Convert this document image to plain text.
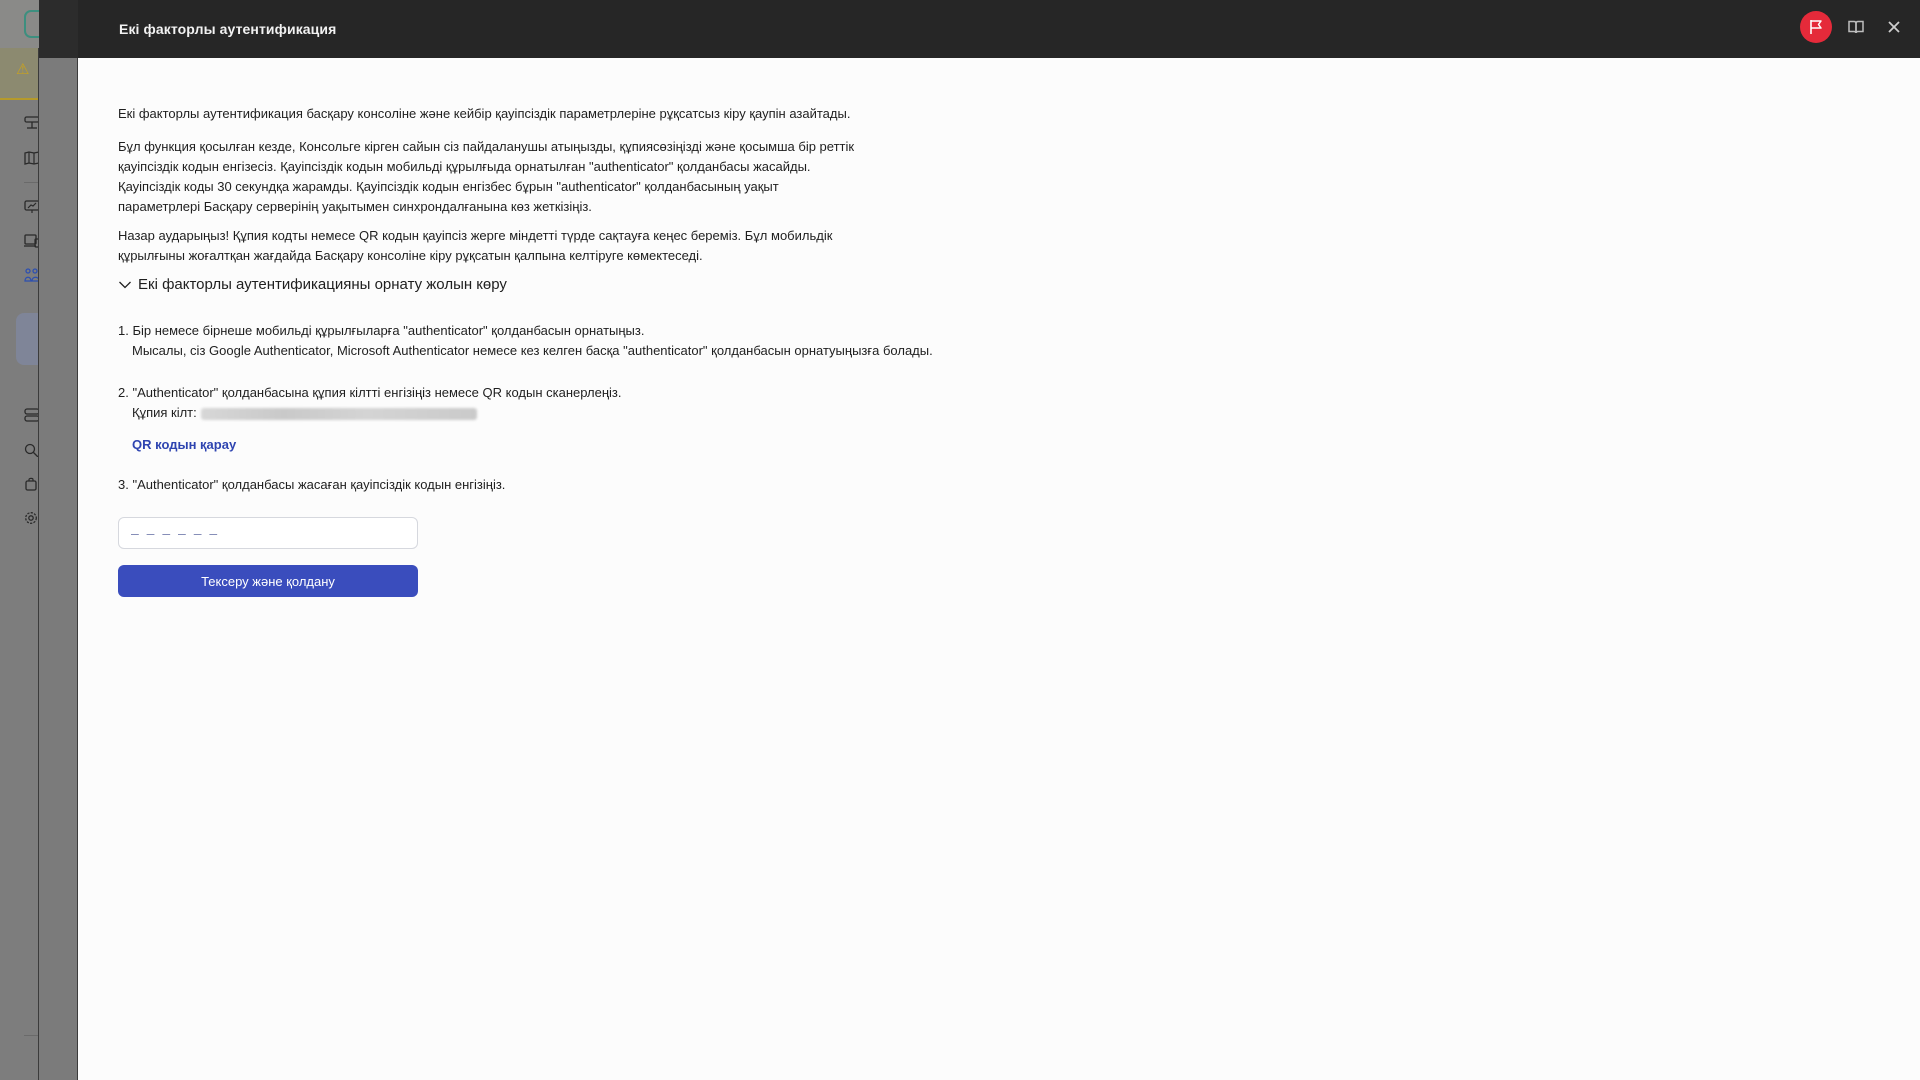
⚠
Екі факторлы аутентификация

Екі факторлы аутентификация басқару консоліне және кейбір қауіпсіздік параметрлеріне рұқсатсыз кіру қаупін азайтады.

Бұл функция қосылған кезде, Консольге кірген сайын сіз пайдаланушы атыңызды, құпиясөзіңізді және қосымша бір реттік қауіпсіздік кодын енгізесіз. Қауіпсіздік кодын мобильді құрылғыда орнатылған "authenticator" қолданбасы жасайды. Қауіпсіздік коды 30 секундқа жарамды. Қауіпсіздік кодын енгізбес бұрын "authenticator" қолданбасының уақыт параметрлері Басқару серверінің уақытымен синхрондалғанына көз жеткізіңіз.

Назар аударыңыз! Құпия кодты немесе QR кодын қауіпсіз жерге міндетті түрде сақтауға кеңес береміз. Бұл мобильдік құрылғыны жоғалтқан жағдайда Басқару консоліне кіру рұқсатын қалпына келтіруге көмектеседі.

Екі факторлы аутентификацияны орнату жолын көру
1. Бір немесе бірнеше мобильді құрылғыларға "authenticator" қолданбасын орнатыңыз.
Мысалы, сіз Google Authenticator, Microsoft Authenticator немесе кез келген басқа "authenticator" қолданбасын орнатуыңызға болады.
2. "Authenticator" қолданбасына құпия кілтті енгізіңіз немесе QR кодын сканерлеңіз.
Құпия кілт:
QR кодын қарау
3. "Authenticator" қолданбасы жасаған қауіпсіздік кодын енгізіңіз.
– – – – – –
Тексеру және қолдану
